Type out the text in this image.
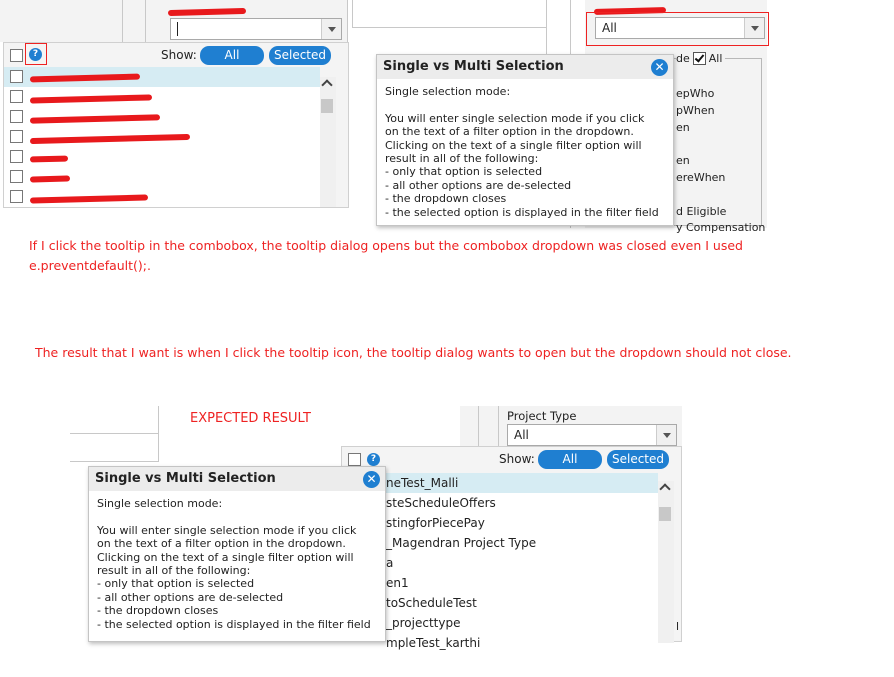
All
de All
epWho
pWhen
en
en
ereWhen
d Eligible
y Compensation
?	Show:	All	Selected
Single vs Multi Selection	✕
Single selection mode:

You will enter single selection mode if you click
on the text of a filter option in the dropdown.
Clicking on the text of a single filter option will
result in all of the following:
- only that option is selected
- all other options are de-selected
- the dropdown closes
- the selected option is displayed in the filter field
If I click the tooltip in the combobox, the tooltip dialog opens but the combobox dropdown was closed even I used
e.preventdefault();.
The result that I want is when I click the tooltip icon, the tooltip dialog wants to open but the dropdown should not close.
EXPECTED RESULT	Project Type
All
?	Show:	All	Selected
neTest_Malli
steScheduleOffers
stingforPiecePay
_Magendran Project Type
a
en1
toScheduleTest
_projecttype
mpleTest_karthi
l
Single vs Multi Selection	✕
Single selection mode:

You will enter single selection mode if you click
on the text of a filter option in the dropdown.
Clicking on the text of a single filter option will
result in all of the following:
- only that option is selected
- all other options are de-selected
- the dropdown closes
- the selected option is displayed in the filter field
